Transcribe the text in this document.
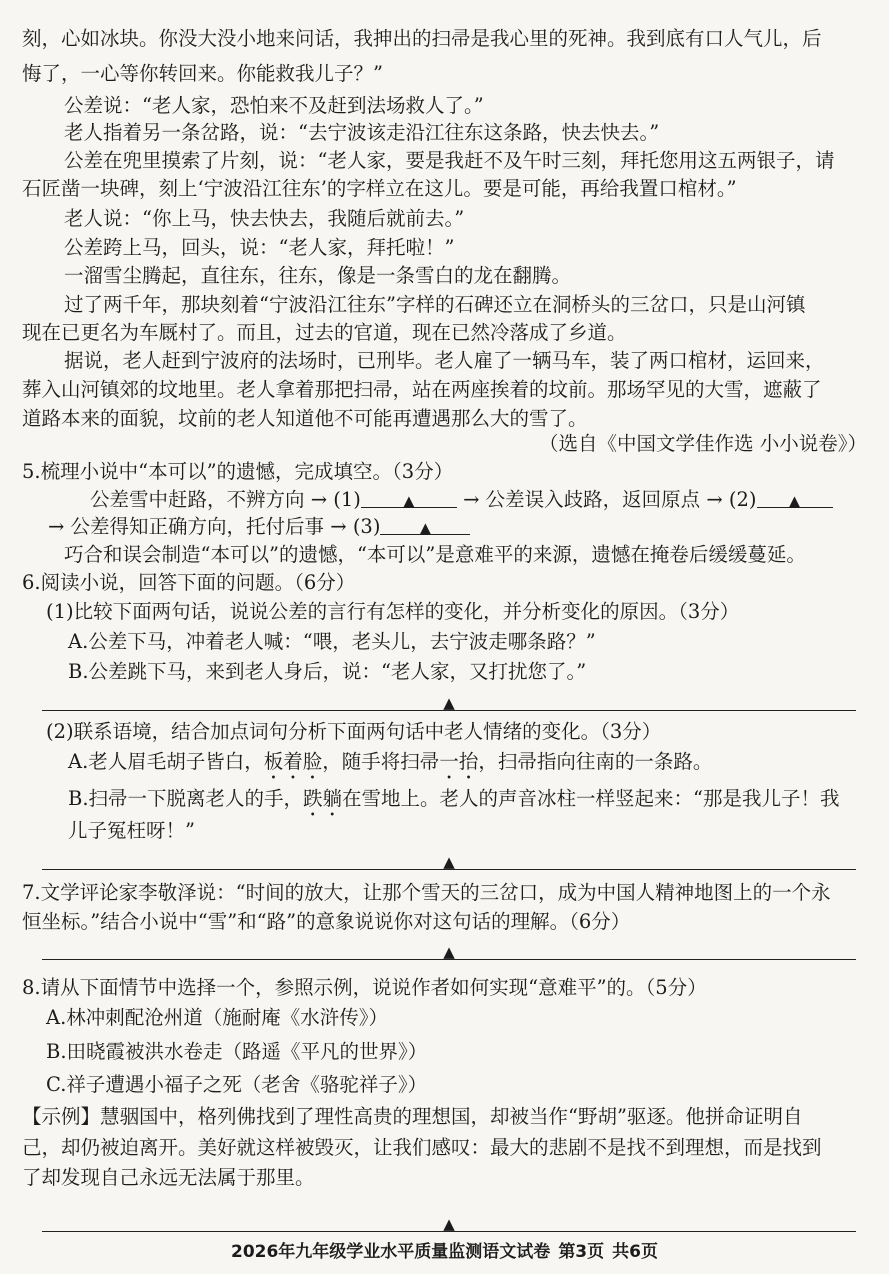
刻，心如冰块。你没大没小地来问话，我抻出的扫帚是我心里的死神。我到底有口人气儿，后
悔了，一心等你转回来。你能救我儿子？”
公差说：“老人家，恐怕来不及赶到法场救人了。”
老人指着另一条岔路，说：“去宁波该走沿江往东这条路，快去快去。”
公差在兜里摸索了片刻，说：“老人家，要是我赶不及午时三刻，拜托您用这五两银子，请
石匠凿一块碑，刻上‘宁波沿江往东’的字样立在这儿。要是可能，再给我置口棺材。”
老人说：“你上马，快去快去，我随后就前去。”
公差跨上马，回头，说：“老人家，拜托啦！”
一溜雪尘腾起，直往东，往东，像是一条雪白的龙在翻腾。
过了两千年，那块刻着“宁波沿江往东”字样的石碑还立在洞桥头的三岔口，只是山河镇
现在已更名为车厩村了。而且，过去的官道，现在已然冷落成了乡道。
据说，老人赶到宁波府的法场时，已刑毕。老人雇了一辆马车，装了两口棺材，运回来，
葬入山河镇郊的坟地里。老人拿着那把扫帚，站在两座挨着的坟前。那场罕见的大雪，遮蔽了
道路本来的面貌，坟前的老人知道他不可能再遭遇那么大的雪了。
（选自《中国文学佳作选 小小说卷》）
5.梳理小说中“本可以”的遗憾，完成填空。（3分）
公差雪中赶路，不辨方向 → (1)	▲ → 公差误入歧路，返回原点 → (2) ▲
→ 公差得知正确方向，托付后事 → (3)	▲
巧合和误会制造“本可以”的遗憾，“本可以”是意难平的来源，遗憾在掩卷后缓缓蔓延。
6.阅读小说，回答下面的问题。（6分）
(1)比较下面两句话，说说公差的言行有怎样的变化，并分析变化的原因。（3分）
A.公差下马，冲着老人喊：“喂，老头儿，去宁波走哪条路？”
B.公差跳下马，来到老人身后，说：“老人家，又打扰您了。”
▲
(2)联系语境，结合加点词句分析下面两句话中老人情绪的变化。（3分）
A.老人眉毛胡子皆白，板着脸，随手将扫帚一抬，扫帚指向往南的一条路。
B.扫帚一下脱离老人的手，跌躺在雪地上。老人的声音冰柱一样竖起来：“那是我儿子！我
儿子冤枉呀！”
▲
7.文学评论家李敬泽说：“时间的放大，让那个雪天的三岔口，成为中国人精神地图上的一个永
恒坐标。”结合小说中“雪”和“路”的意象说说你对这句话的理解。（6分）
▲
8.请从下面情节中选择一个，参照示例，说说作者如何实现“意难平”的。（5分）
A.林冲刺配沧州道（施耐庵《水浒传》）
B.田晓霞被洪水卷走（路遥《平凡的世界》）
C.祥子遭遇小福子之死（老舍《骆驼祥子》）
【示例】慧骃国中，格列佛找到了理性高贵的理想国，却被当作“野胡”驱逐。他拼命证明自
己，却仍被迫离开。美好就这样被毁灭，让我们感叹：最大的悲剧不是找不到理想，而是找到
了却发现自己永远无法属于那里。
▲
2026年九年级学业水平质量监测语文试卷 第3页 共6页
